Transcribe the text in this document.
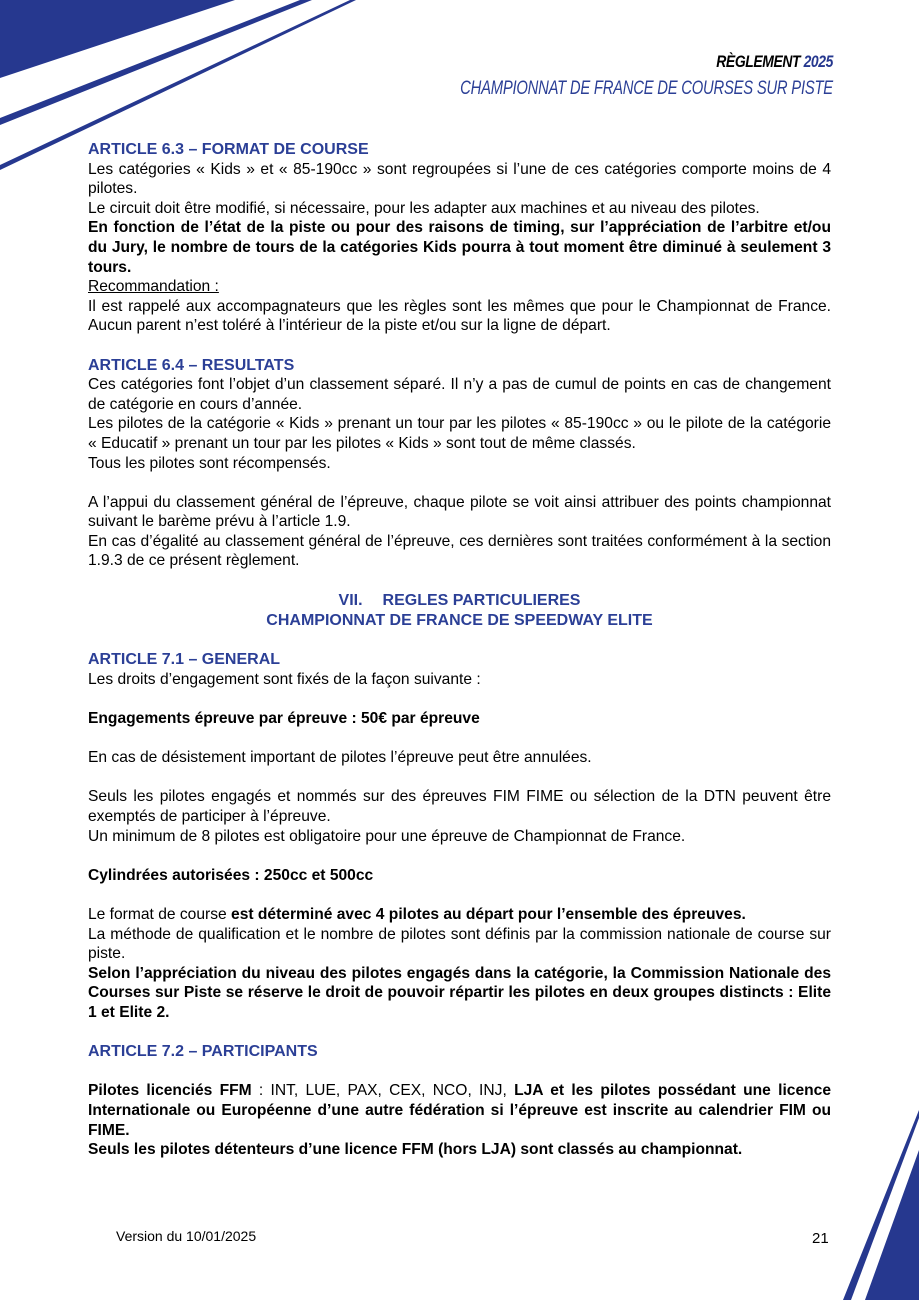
RÈGLEMENT 2025
CHAMPIONNAT DE FRANCE DE COURSES SUR PISTE

ARTICLE 6.3 – FORMAT DE COURSE

Les catégories « Kids » et « 85-190cc » sont regroupées si l’une de ces catégories comporte moins de 4 pilotes.

Le circuit doit être modifié, si nécessaire, pour les adapter aux machines et au niveau des pilotes.

En fonction de l’état de la piste ou pour des raisons de timing, sur l’appréciation de l’arbitre et/ou du Jury, le nombre de tours de la catégories Kids pourra à tout moment être diminué à seulement 3 tours.

Recommandation :

Il est rappelé aux accompagnateurs que les règles sont les mêmes que pour le Championnat de France. Aucun parent n’est toléré à l’intérieur de la piste et/ou sur la ligne de départ.

ARTICLE 6.4 – RESULTATS

Ces catégories font l’objet d’un classement séparé. Il n’y a pas de cumul de points en cas de changement de catégorie en cours d’année.

Les pilotes de la catégorie « Kids » prenant un tour par les pilotes « 85-190cc » ou le pilote de la catégorie « Educatif » prenant un tour par les pilotes « Kids » sont tout de même classés.

Tous les pilotes sont récompensés.

A l’appui du classement général de l’épreuve, chaque pilote se voit ainsi attribuer des points championnat suivant le barème prévu à l’article 1.9.

En cas d’égalité au classement général de l’épreuve, ces dernières sont traitées conformément à la section 1.9.3 de ce présent règlement.

VII. REGLES PARTICULIERES
CHAMPIONNAT DE FRANCE DE SPEEDWAY ELITE

ARTICLE 7.1 – GENERAL

Les droits d’engagement sont fixés de la façon suivante :

Engagements épreuve par épreuve : 50€ par épreuve

En cas de désistement important de pilotes l’épreuve peut être annulées.

Seuls les pilotes engagés et nommés sur des épreuves FIM FIME ou sélection de la DTN peuvent être exemptés de participer à l’épreuve.

Un minimum de 8 pilotes est obligatoire pour une épreuve de Championnat de France.

Cylindrées autorisées : 250cc et 500cc

Le format de course est déterminé avec 4 pilotes au départ pour l’ensemble des épreuves.

La méthode de qualification et le nombre de pilotes sont définis par la commission nationale de course sur piste.

Selon l’appréciation du niveau des pilotes engagés dans la catégorie, la Commission Nationale des Courses sur Piste se réserve le droit de pouvoir répartir les pilotes en deux groupes distincts : Elite 1 et Elite 2.

ARTICLE 7.2 – PARTICIPANTS

Pilotes licenciés FFM : INT, LUE, PAX, CEX, NCO, INJ, LJA et les pilotes possédant une licence Internationale ou Européenne d’une autre fédération si l’épreuve est inscrite au calendrier FIM ou FIME.

Seuls les pilotes détenteurs d’une licence FFM (hors LJA) sont classés au championnat.

Version du 10/01/2025	21
